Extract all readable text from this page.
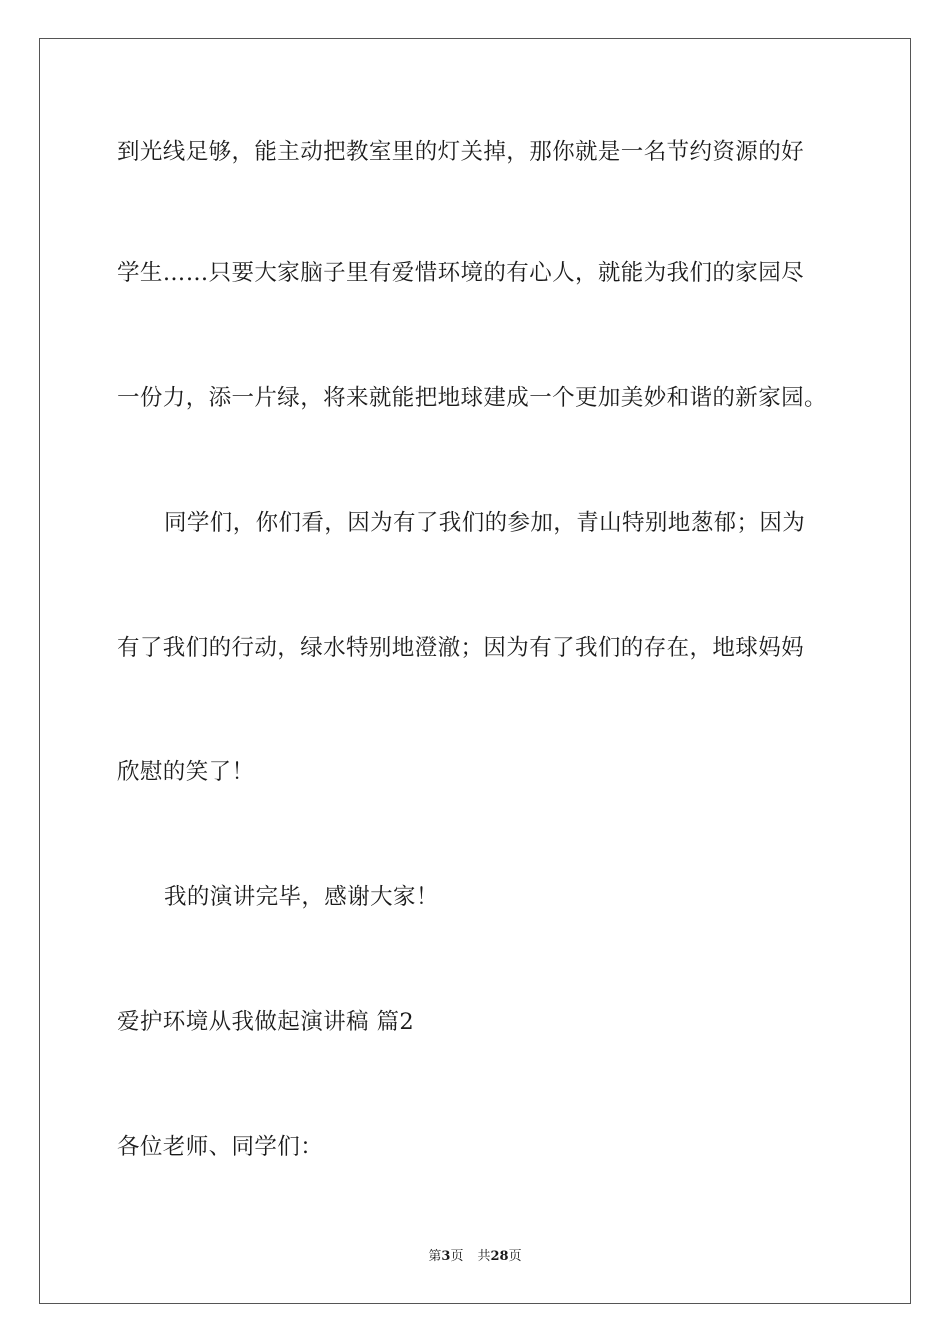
到光线足够，能主动把教室里的灯关掉，那你就是一名节约资源的好
学生……只要大家脑子里有爱惜环境的有心人，就能为我们的家园尽
一份力，添一片绿，将来就能把地球建成一个更加美妙和谐的新家园。
同学们，你们看，因为有了我们的参加，青山特别地葱郁；因为
有了我们的行动，绿水特别地澄澈；因为有了我们的存在，地球妈妈
欣慰的笑了！
我的演讲完毕，感谢大家！
爱护环境从我做起演讲稿 篇2
各位老师、同学们：
第3页 共28页
